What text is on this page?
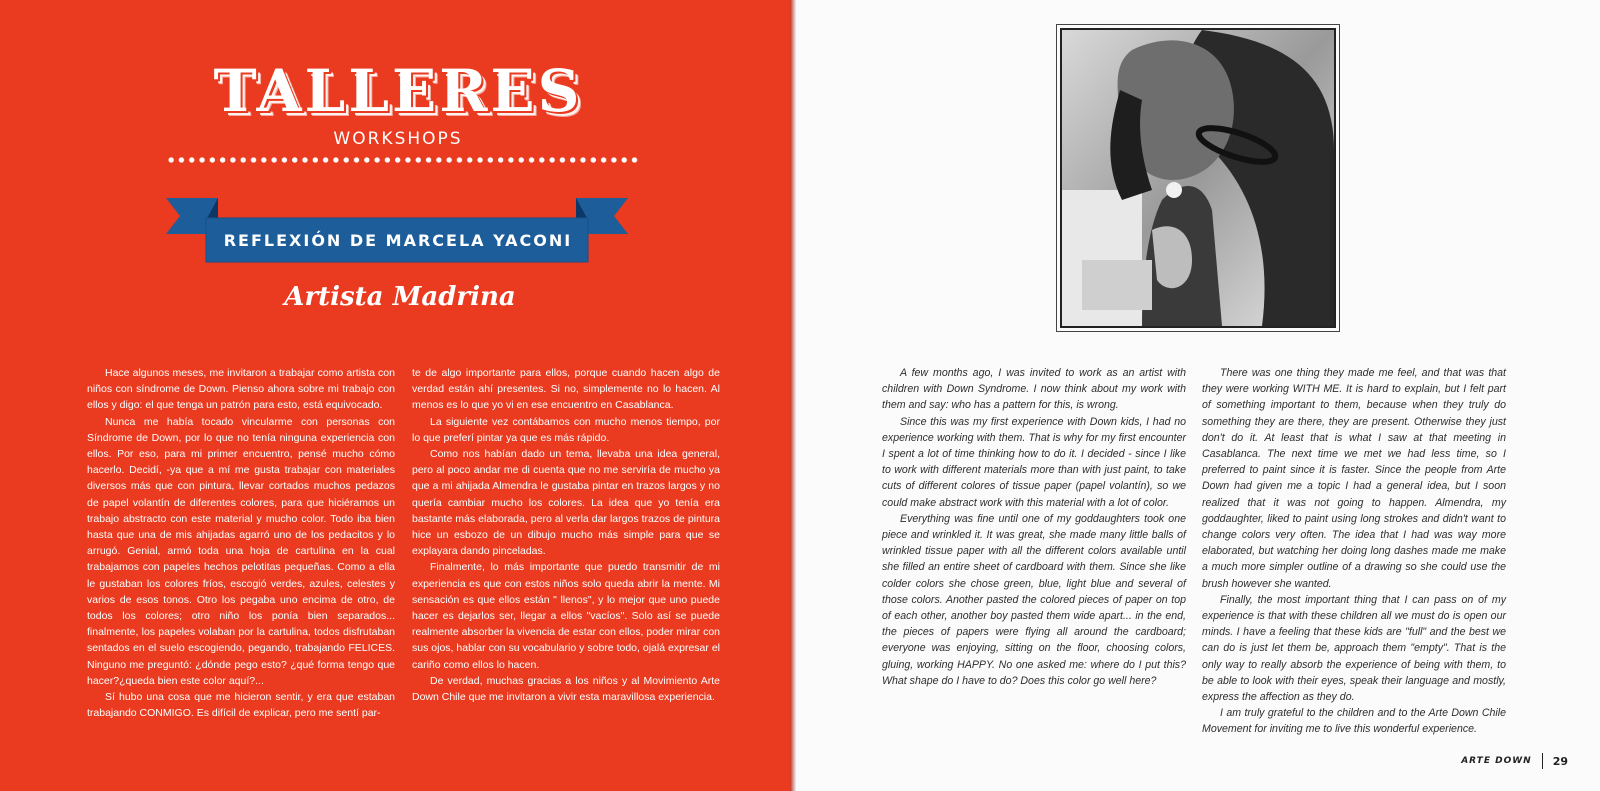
TALLERES
WORKSHOPS
REFLEXIÓN DE MARCELA YACONI
Artista Madrina

Hace algunos meses, me invitaron a trabajar como artista con niños con síndrome de Down. Pienso ahora sobre mi trabajo con ellos y digo: el que tenga un patrón para esto, está equivocado.

Nunca me había tocado vincularme con personas con Síndrome de Down, por lo que no tenía ninguna experiencia con ellos. Por eso, para mi primer encuentro, pensé mucho cómo hacerlo. Decidí, -ya que a mí me gusta trabajar con materiales diversos más que con pintura, llevar cortados muchos pedazos de papel volantín de diferentes colores, para que hiciéramos un trabajo abstracto con este material y mucho color. Todo iba bien hasta que una de mis ahijadas agarró uno de los pedacitos y lo arrugó. Genial, armó toda una hoja de cartulina en la cual trabajamos con papeles hechos pelotitas pequeñas. Como a ella le gustaban los colores fríos, escogió verdes, azules, celestes y varios de esos tonos. Otro los pegaba uno encima de otro, de todos los colores; otro niño los ponía bien separados... finalmente, los papeles volaban por la cartulina, todos disfrutaban sentados en el suelo escogiendo, pegando, trabajando FELICES. Ninguno me preguntó: ¿dónde pego esto? ¿qué forma tengo que hacer?¿queda bien este color aquí?...

Sí hubo una cosa que me hicieron sentir, y era que estaban trabajando CONMIGO. Es difícil de explicar, pero me sentí par-

te de algo importante para ellos, porque cuando hacen algo de verdad están ahí presentes. Si no, simplemente no lo hacen. Al menos es lo que yo vi en ese encuentro en Casablanca.

La siguiente vez contábamos con mucho menos tiempo, por lo que preferí pintar ya que es más rápido.

Como nos habían dado un tema, llevaba una idea general, pero al poco andar me di cuenta que no me serviría de mucho ya que a mi ahijada Almendra le gustaba pintar en trazos largos y no quería cambiar mucho los colores. La idea que yo tenía era bastante más elaborada, pero al verla dar largos trazos de pintura hice un esbozo de un dibujo mucho más simple para que se explayara dando pinceladas.

Finalmente, lo más importante que puedo transmitir de mi experiencia es que con estos niños solo queda abrir la mente. Mi sensación es que ellos están " llenos", y lo mejor que uno puede hacer es dejarlos ser, llegar a ellos "vacíos". Solo así se puede realmente absorber la vivencia de estar con ellos, poder mirar con sus ojos, hablar con su vocabulario y sobre todo, ojalá expresar el cariño como ellos lo hacen.

De verdad, muchas gracias a los niños y al Movimiento Arte Down Chile que me invitaron a vivir esta maravillosa experiencia.

A few months ago, I was invited to work as an artist with children with Down Syndrome. I now think about my work with them and say: who has a pattern for this, is wrong.

Since this was my first experience with Down kids, I had no experience working with them. That is why for my first encounter I spent a lot of time thinking how to do it. I decided - since I like to work with different materials more than with just paint, to take cuts of different colores of tissue paper (papel volantín), so we could make abstract work with this material with a lot of color.

Everything was fine until one of my goddaughters took one piece and wrinkled it. It was great, she made many little balls of wrinkled tissue paper with all the different colors available until she filled an entire sheet of cardboard with them. Since she like colder colors she chose green, blue, light blue and several of those colors. Another pasted the colored pieces of paper on top of each other, another boy pasted them wide apart... in the end, the pieces of papers were flying all around the cardboard; everyone was enjoying, sitting on the floor, choosing colors, gluing, working HAPPY. No one asked me: where do I put this? What shape do I have to do? Does this color go well here?

There was one thing they made me feel, and that was that they were working WITH ME. It is hard to explain, but I felt part of something important to them, because when they truly do something they are there, they are present. Otherwise they just don't do it. At least that is what I saw at that meeting in Casablanca. The next time we met we had less time, so I preferred to paint since it is faster. Since the people from Arte Down had given me a topic I had a general idea, but I soon realized that it was not going to happen. Almendra, my goddaughter, liked to paint using long strokes and didn't want to change colors very often. The idea that I had was way more elaborated, but watching her doing long dashes made me make a much more simpler outline of a drawing so she could use the brush however she wanted.

Finally, the most important thing that I can pass on of my experience is that with these children all we must do is open our minds. I have a feeling that these kids are "full" and the best we can do is just let them be, approach them "empty". That is the only way to really absorb the experience of being with them, to be able to look with their eyes, speak their language and mostly, express the affection as they do.

I am truly grateful to the children and to the Arte Down Chile Movement for inviting me to live this wonderful experience.

ARTE DOWN 29
